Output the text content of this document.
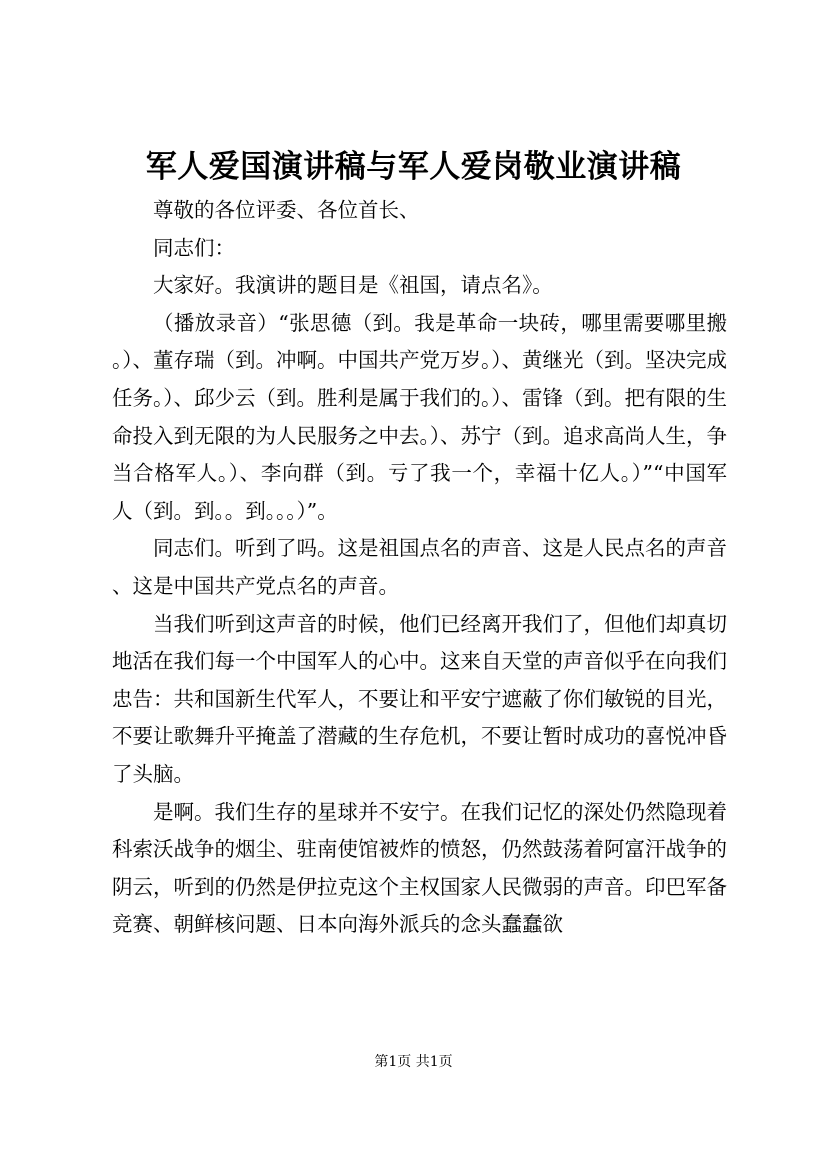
军人爱国演讲稿与军人爱岗敬业演讲稿

尊敬的各位评委、各位首长、

同志们：

大家好。我演讲的题目是《祖国，请点名》。

（播放录音）“张思德（到。我是革命一块砖，哪里需要哪里搬。）、董存瑞（到。冲啊。中国共产党万岁。）、黄继光（到。坚决完成任务。）、邱少云（到。胜利是属于我们的。）、雷锋（到。把有限的生命投入到无限的为人民服务之中去。）、苏宁（到。追求高尚人生，争当合格军人。）、李向群（到。亏了我一个，幸福十亿人。）”“中国军人（到。到。。到。。。）”。

同志们。听到了吗。这是祖国点名的声音、这是人民点名的声音、这是中国共产党点名的声音。

当我们听到这声音的时候，他们已经离开我们了，但他们却真切地活在我们每一个中国军人的心中。这来自天堂的声音似乎在向我们忠告：共和国新生代军人，不要让和平安宁遮蔽了你们敏锐的目光，不要让歌舞升平掩盖了潜藏的生存危机，不要让暂时成功的喜悦冲昏了头脑。

是啊。我们生存的星球并不安宁。在我们记忆的深处仍然隐现着科索沃战争的烟尘、驻南使馆被炸的愤怒，仍然鼓荡着阿富汗战争的阴云，听到的仍然是伊拉克这个主权国家人民微弱的声音。印巴军备竞赛、朝鲜核问题、日本向海外派兵的念头蠢蠢欲

第1页 共1页
